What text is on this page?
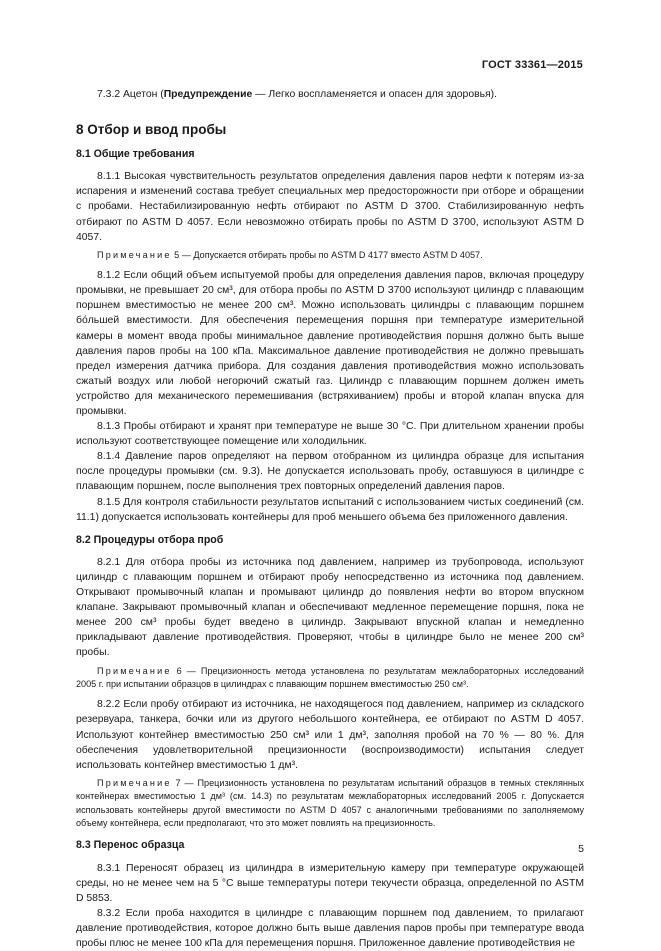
ГОСТ 33361—2015

7.3.2 Ацетон (Предупреждение — Легко воспламеняется и опасен для здоровья).

8 Отбор и ввод пробы

8.1 Общие требования

8.1.1 Высокая чувствительность результатов определения давления паров нефти к потерям из-за испарения и изменений состава требует специальных мер предосторожности при отборе и обращении с пробами. Нестабилизированную нефть отбирают по ASTM D 3700. Стабилизированную нефть отбирают по ASTM D 4057. Если невозможно отбирать пробы по ASTM D 3700, используют ASTM D 4057.

Примечание 5 — Допускается отбирать пробы по ASTM D 4177 вместо ASTM D 4057.

8.1.2 Если общий объем испытуемой пробы для определения давления паров, включая процедуру промывки, не превышает 20 см³, для отбора пробы по ASTM D 3700 используют цилиндр с плавающим поршнем вместимостью не менее 200 см³. Можно использовать цилиндры с плавающим поршнем бо́льшей вместимости. Для обеспечения перемещения поршня при температуре измерительной камеры в момент ввода пробы минимальное давление противодействия поршня должно быть выше давления паров пробы на 100 кПа. Максимальное давление противодействия не должно превышать предел измерения датчика прибора. Для создания давления противодействия можно использовать сжатый воздух или любой негорючий сжатый газ. Цилиндр с плавающим поршнем должен иметь устройство для механического перемешивания (встряхиванием) пробы и второй клапан впуска для промывки.

8.1.3 Пробы отбирают и хранят при температуре не выше 30 °С. При длительном хранении пробы используют соответствующее помещение или холодильник.

8.1.4 Давление паров определяют на первом отобранном из цилиндра образце для испытания после процедуры промывки (см. 9.3). Не допускается использовать пробу, оставшуюся в цилиндре с плавающим поршнем, после выполнения трех повторных определений давления паров.

8.1.5 Для контроля стабильности результатов испытаний с использованием чистых соединений (см. 11.1) допускается использовать контейнеры для проб меньшего объема без приложенного давления.

8.2 Процедуры отбора проб

8.2.1 Для отбора пробы из источника под давлением, например из трубопровода, используют цилиндр с плавающим поршнем и отбирают пробу непосредственно из источника под давлением. Открывают промывочный клапан и промывают цилиндр до появления нефти во втором впускном клапане. Закрывают промывочный клапан и обеспечивают медленное перемещение поршня, пока не менее 200 см³ пробы будет введено в цилиндр. Закрывают впускной клапан и немедленно прикладывают давление противодействия. Проверяют, чтобы в цилиндре было не менее 200 см³ пробы.

Примечание 6 — Прецизионность метода установлена по результатам межлабораторных исследований 2005 г. при испытании образцов в цилиндрах с плавающим поршнем вместимостью 250 см³.

8.2.2 Если пробу отбирают из источника, не находящегося под давлением, например из складского резервуара, танкера, бочки или из другого небольшого контейнера, ее отбирают по ASTM D 4057. Используют контейнер вместимостью 250 см³ или 1 дм³, заполняя пробой на 70 % — 80 %. Для обеспечения удовлетворительной прецизионности (воспроизводимости) испытания следует использовать контейнер вместимостью 1 дм³.

Примечание 7 — Прецизионность установлена по результатам испытаний образцов в темных стеклянных контейнерах вместимостью 1 дм³ (см. 14.3) по результатам межлабораторных исследований 2005 г. Допускается использовать контейнеры другой вместимости по ASTM D 4057 с аналогичными требованиями по заполняемому объему контейнера, если предполагают, что это может повлиять на прецизионность.

8.3 Перенос образца

8.3.1 Переносят образец из цилиндра в измерительную камеру при температуре окружающей среды, но не менее чем на 5 °С выше температуры потери текучести образца, определенной по ASTM D 5853.

8.3.2 Если проба находится в цилиндре с плавающим поршнем под давлением, то прилагают давление противодействия, которое должно быть выше давления паров пробы при температуре ввода пробы плюс не менее 100 кПа для перемещения поршня. Приложенное давление противодействия не

5
